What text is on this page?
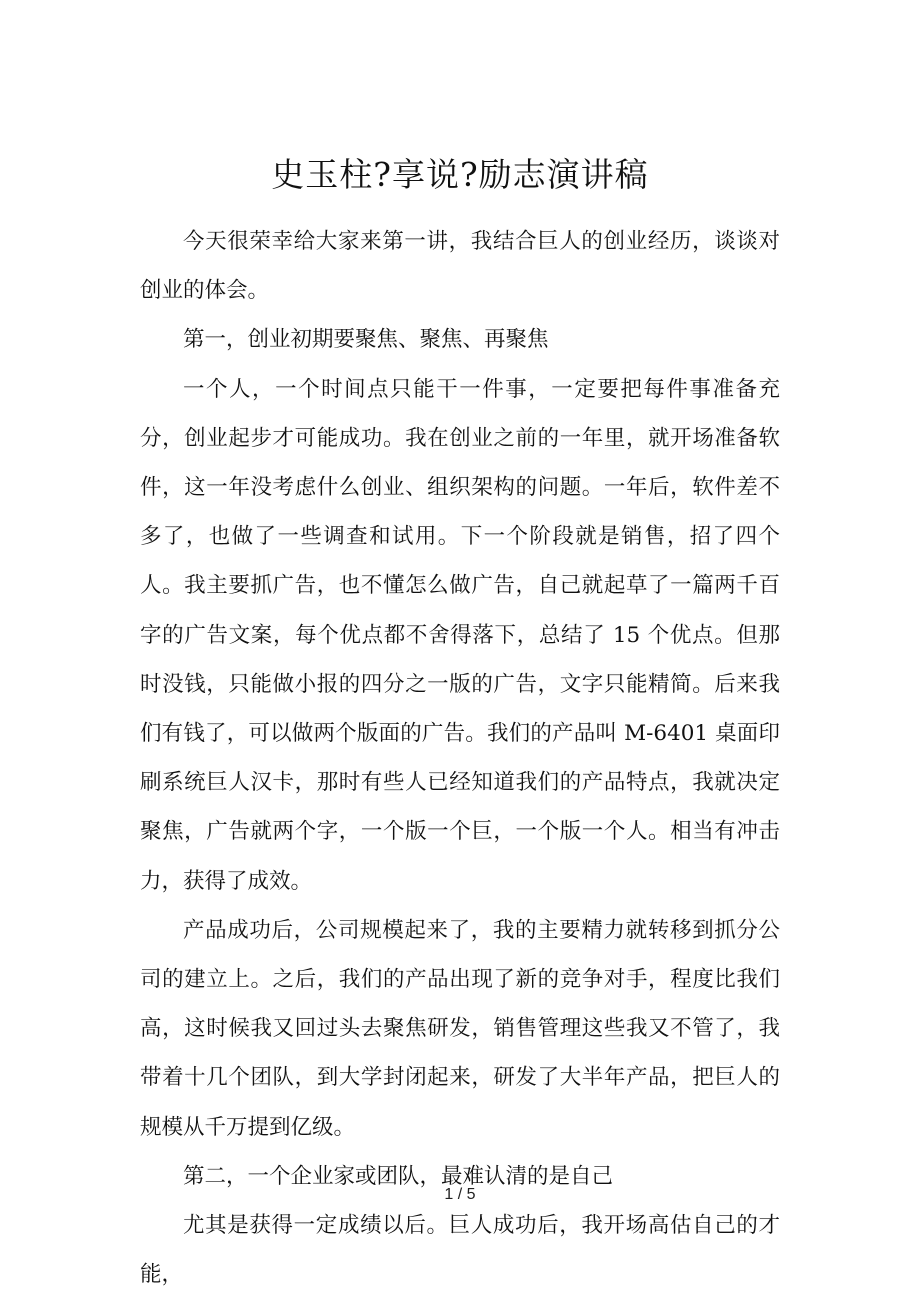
史玉柱?享说?励志演讲稿

今天很荣幸给大家来第一讲，我结合巨人的创业经历，谈谈对创业的体会。

第一，创业初期要聚焦、聚焦、再聚焦

一个人，一个时间点只能干一件事，一定要把每件事准备充分，创业起步才可能成功。我在创业之前的一年里，就开场准备软件，这一年没考虑什么创业、组织架构的问题。一年后，软件差不多了，也做了一些调查和试用。下一个阶段就是销售，招了四个人。我主要抓广告，也不懂怎么做广告，自己就起草了一篇两千百字的广告文案，每个优点都不舍得落下，总结了 15 个优点。但那时没钱，只能做小报的四分之一版的广告，文字只能精简。后来我们有钱了，可以做两个版面的广告。我们的产品叫 M-6401 桌面印刷系统巨人汉卡，那时有些人已经知道我们的产品特点，我就决定聚焦，广告就两个字，一个版一个巨，一个版一个人。相当有冲击力，获得了成效。

产品成功后，公司规模起来了，我的主要精力就转移到抓分公司的建立上。之后，我们的产品出现了新的竞争对手，程度比我们高，这时候我又回过头去聚焦研发，销售管理这些我又不管了，我带着十几个团队，到大学封闭起来，研发了大半年产品，把巨人的规模从千万提到亿级。

第二，一个企业家或团队，最难认清的是自己

尤其是获得一定成绩以后。巨人成功后，我开场高估自己的才能，

1 / 5
